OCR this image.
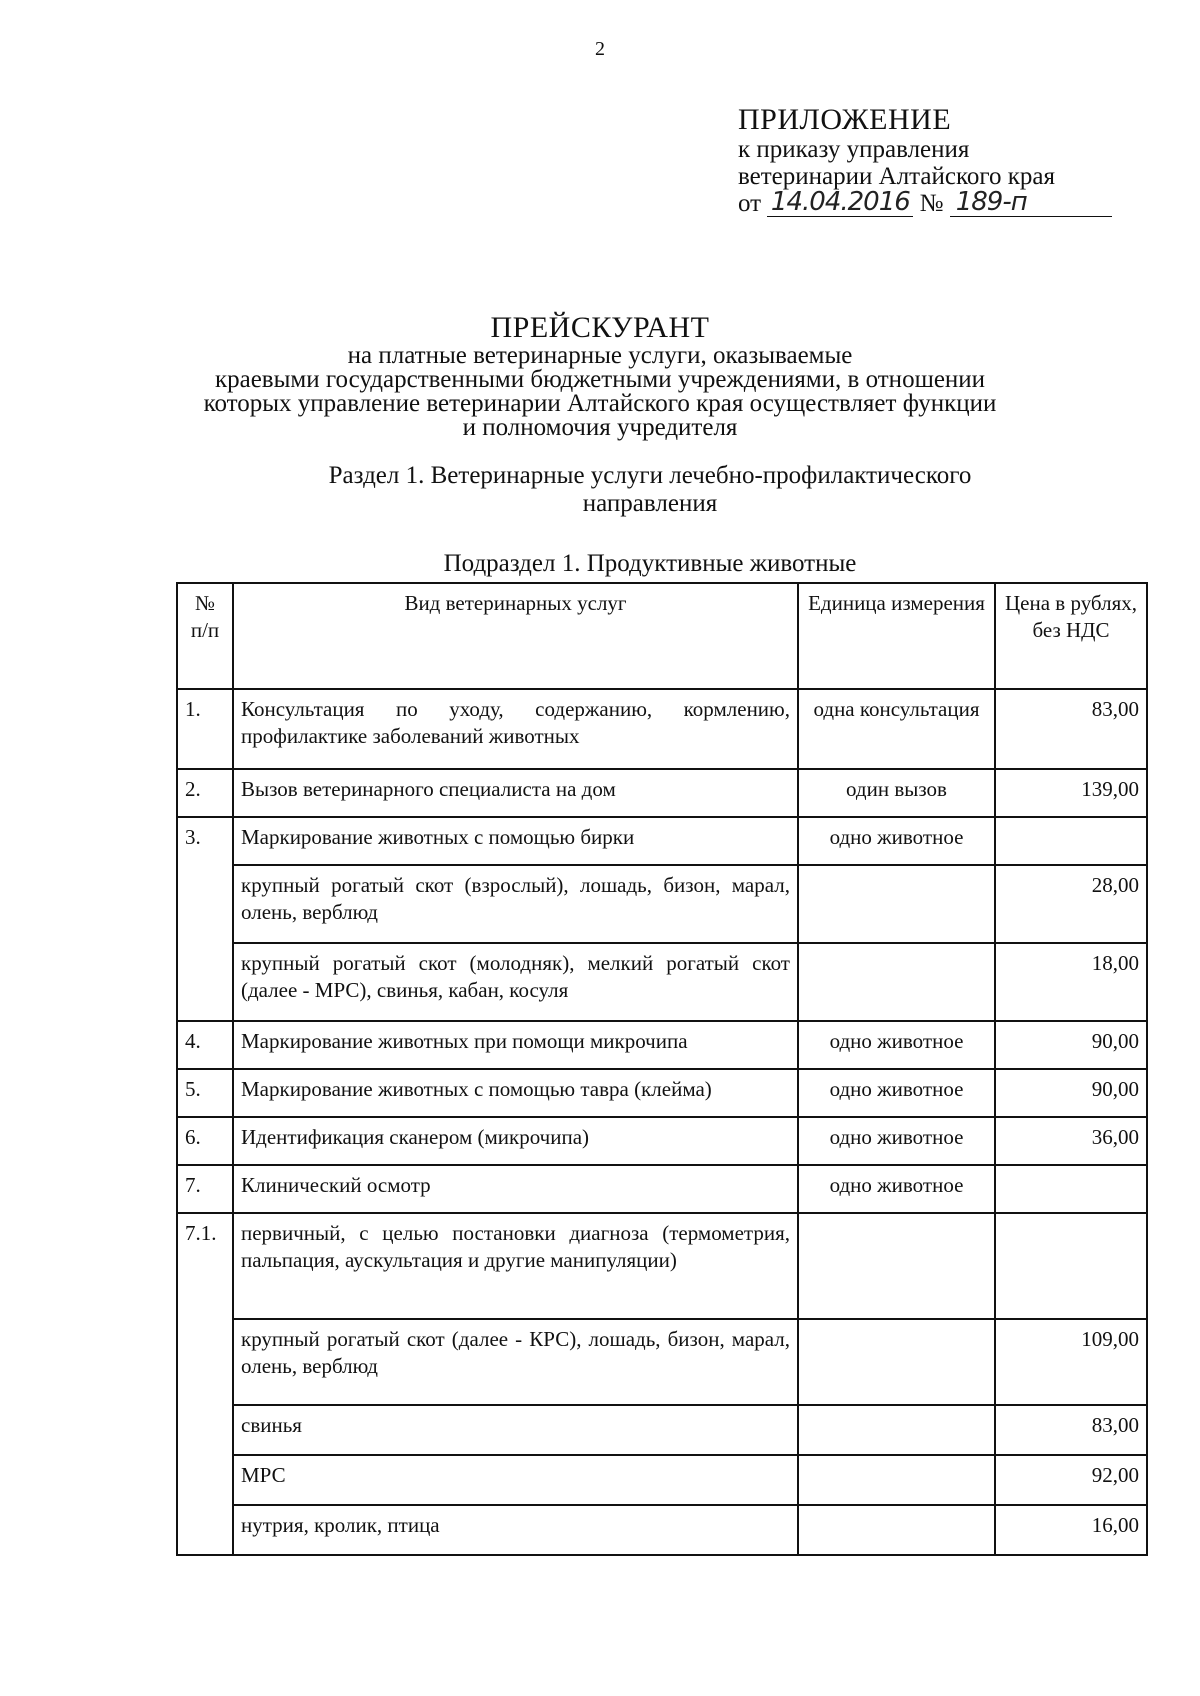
2
ПРИЛОЖЕНИЕ
к приказу управления
ветеринарии Алтайского края
от 14.04.2016 № 189-п
ПРЕЙСКУРАНТ
на платные ветеринарные услуги, оказываемые
краевыми государственными бюджетными учреждениями, в отношении
которых управление ветеринарии Алтайского края осуществляет функции
и полномочия учредителя
Раздел 1. Ветеринарные услуги лечебно-профилактического
направления
Подраздел 1. Продуктивные животные
№ п/п	Вид ветеринарных услуг	Единица измерения	Цена в рублях, без НДС
1.	Консультация по уходу, содержанию, кормлению, профилактике заболеваний животных	одна консультация	83,00
2.	Вызов ветеринарного специалиста на дом	один вызов	139,00
3.	Маркирование животных с помощью бирки	одно животное	
	крупный рогатый скот (взрослый), лошадь, бизон, марал, олень, верблюд		28,00
	крупный рогатый скот (молодняк), мелкий рогатый скот (далее - МРС), свинья, кабан, косуля		18,00
4.	Маркирование животных при помощи микрочипа	одно животное	90,00
5.	Маркирование животных с помощью тавра (клейма)	одно животное	90,00
6.	Идентификация сканером (микрочипа)	одно животное	36,00
7.	Клинический осмотр	одно животное	
7.1.	первичный, с целью постановки диагноза (термометрия, пальпация, аускультация и другие манипуляции)		
	крупный рогатый скот (далее - КРС), лошадь, бизон, марал, олень, верблюд		109,00
	свинья		83,00
	МРС		92,00
	нутрия, кролик, птица		16,00
